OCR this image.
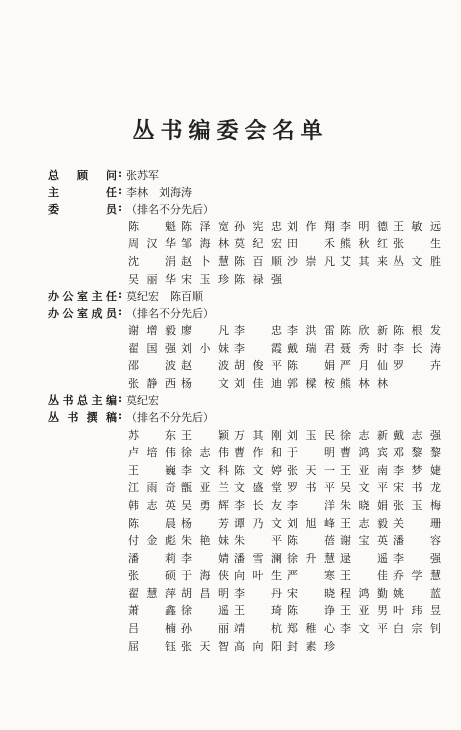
丛书编委会名单
总 顾 问 : 张苏军
主	任 : 李林　刘海涛
委	员 : （排名不分先后）
陈 魁 陈 泽 宽 孙 宪 忠 刘 作 翔 李 明 德 王 敏 远
周 汉 华 邹 海 林 莫 纪 宏 田 禾 熊 秋 红 张 生
沈 涓 赵 卜 慧 陈 百 顺 沙 崇 凡 艾 其 来 丛 文 胜
吴 丽 华 宋 玉 珍 陈 禄 强
办 公 室 主 任 : 莫纪宏　陈百顺
办 公 室 成 员 : （排名不分先后）
谢 增 毅 廖 凡 李 忠 李 洪 雷 陈 欣 新 陈 根 发
翟 国 强 刘 小 妹 李 霞 戴 瑞 君 聂 秀 时 李 长 涛
邵 波 赵 波 胡 俊 平 陈 娟 严 月 仙 罗 卉
张 静 西 杨 文 刘 佳 迪 郭 樑 桉 熊 林 林
丛 书 总 主 编 : 莫纪宏
丛 书 撰 稿 : （排名不分先后）
苏 东 王 颖 万 其 刚 刘 玉 民 徐 志 新 戴 志 强
卢 培 伟 徐 志 伟 曹 作 和 于 明 曹 鸿 宾 邓 黎 黎
王 巍 李 文 科 陈 文 婷 张 天 一 王 亚 南 李 梦 婕
江 雨 奇 甑 亚 兰 文 盛 堂 罗 书 平 吴 文 平 宋 书 龙
韩 志 英 吴 勇 辉 李 长 友 李 洋 朱 晓 娟 张 玉 梅
陈 晨 杨 芳 谭 乃 文 刘 旭 峰 王 志 毅 关 珊
付 金 彪 朱 艳 妹 朱 平 陈 蓓 谢 宝 英 潘 容
潘 莉 李 婧 潘 雪 澜 徐 升 慧 逯 遥 李 强
张 硕 于 海 侠 向 叶 生 严 寒 王 佳 乔 学 慧
翟 慧 萍 胡 昌 明 李 丹 宋 晓 程 鸿 勤 姚 蓝
萧 鑫 徐 遥 王 琦 陈 诤 王 亚 男 叶 玮 昱
吕 楠 孙 丽 靖 杭 郑 稚 心 李 文 平 白 宗 钊
屈 钰 张 天 智 高 向 阳 封 素 珍
